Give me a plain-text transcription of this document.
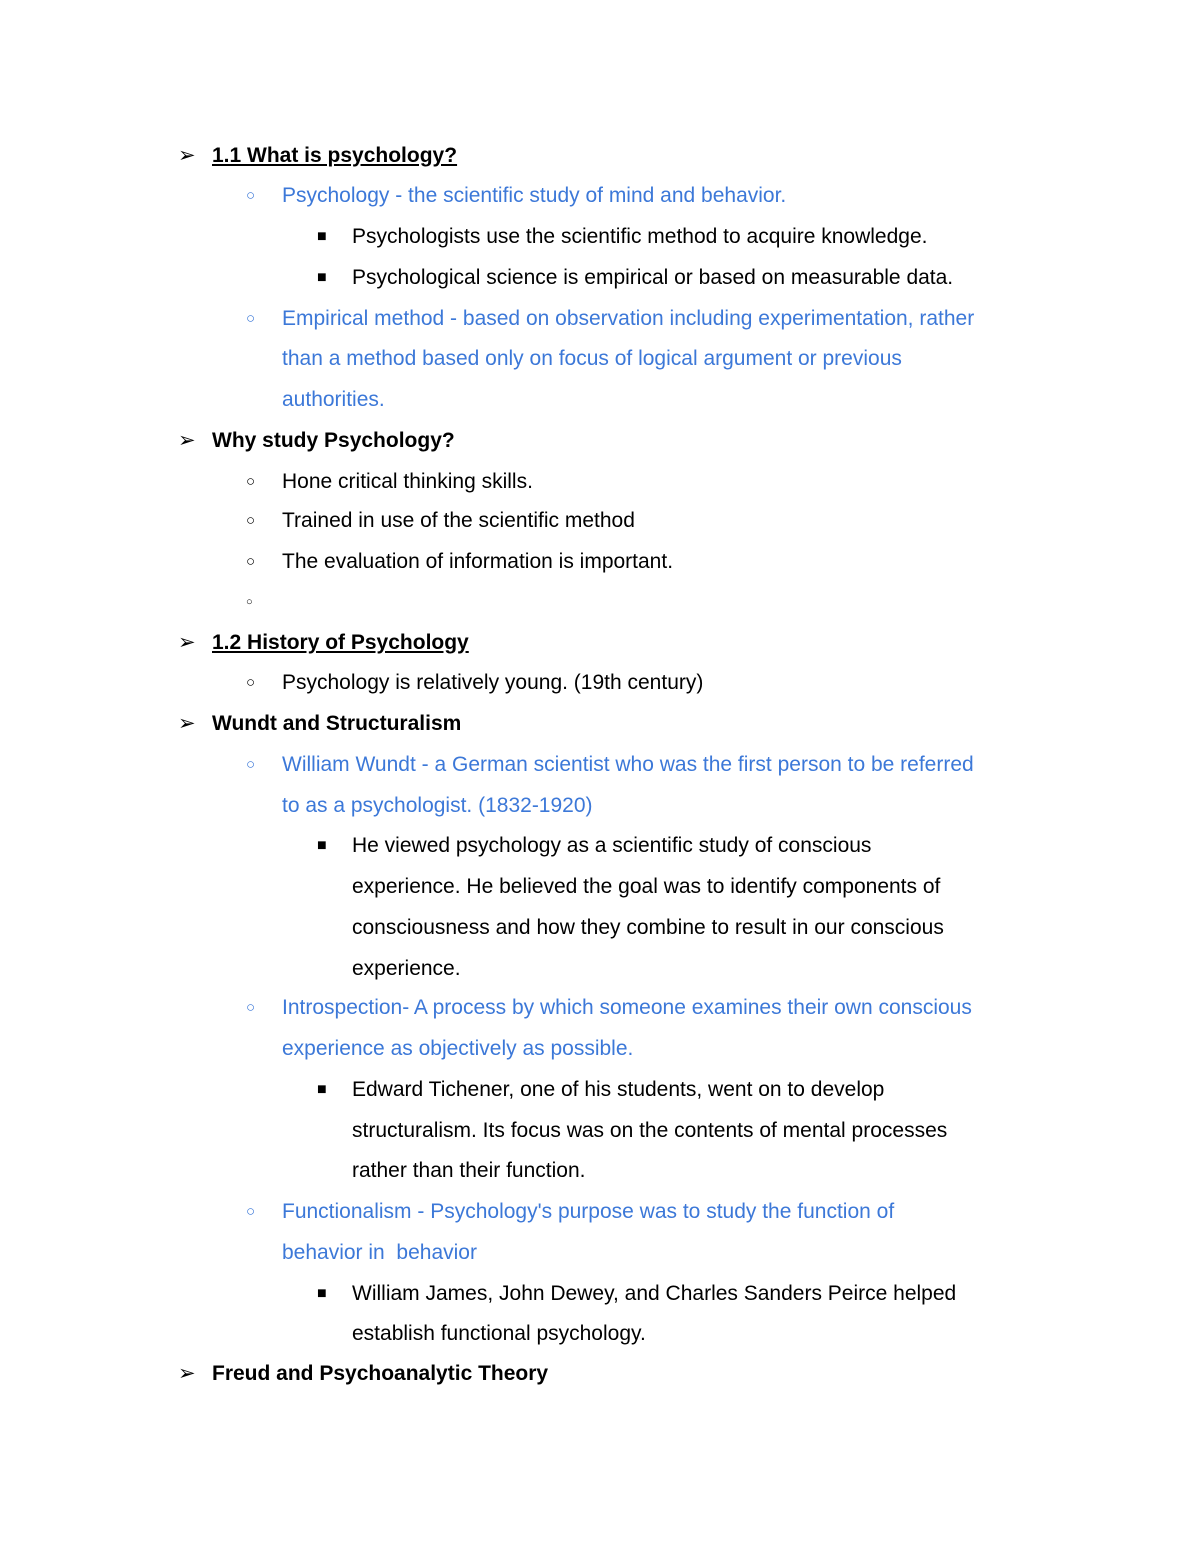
➢ 1.1 What is psychology?
○ Psychology - the scientific study of mind and behavior.
■ Psychologists use the scientific method to acquire knowledge.
■ Psychological science is empirical or based on measurable data.
○ Empirical method - based on observation including experimentation, rather
than a method based only on focus of logical argument or previous
authorities.
➢ Why study Psychology?
○ Hone critical thinking skills.
○ Trained in use of the scientific method
○ The evaluation of information is important.
○
➢ 1.2 History of Psychology
○ Psychology is relatively young. (19th century)
➢ Wundt and Structuralism
○ William Wundt - a German scientist who was the first person to be referred
to as a psychologist. (1832-1920)
■ He viewed psychology as a scientific study of conscious
experience. He believed the goal was to identify components of
consciousness and how they combine to result in our conscious
experience.
○ Introspection- A process by which someone examines their own conscious
experience as objectively as possible.
■ Edward Tichener, one of his students, went on to develop
structuralism. Its focus was on the contents of mental processes
rather than their function.
○ Functionalism - Psychology's purpose was to study the function of
behavior in  behavior
■ William James, John Dewey, and Charles Sanders Peirce helped
establish functional psychology.
➢ Freud and Psychoanalytic Theory
